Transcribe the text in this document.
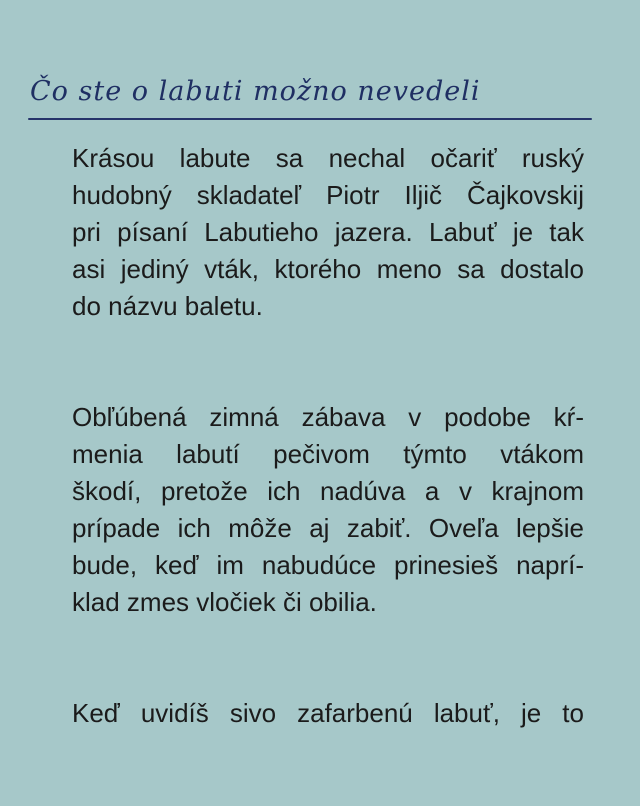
Čo ste o labuti možno nevedeli

Krásou labute sa nechal očariť ruský
hudobný skladateľ Piotr Iljič Čajkovskij
pri písaní Labutieho jazera. Labuť je tak
asi jediný vták, ktorého meno sa dostalo
do názvu baletu.

Obľúbená zimná zábava v podobe kŕ-
menia labutí pečivom týmto vtákom
škodí, pretože ich nadúva a v krajnom
prípade ich môže aj zabiť. Oveľa lepšie
bude, keď im nabudúce prinesieš naprí-
klad zmes vločiek či obilia.

Keď uvidíš sivo zafarbenú labuť, je to
